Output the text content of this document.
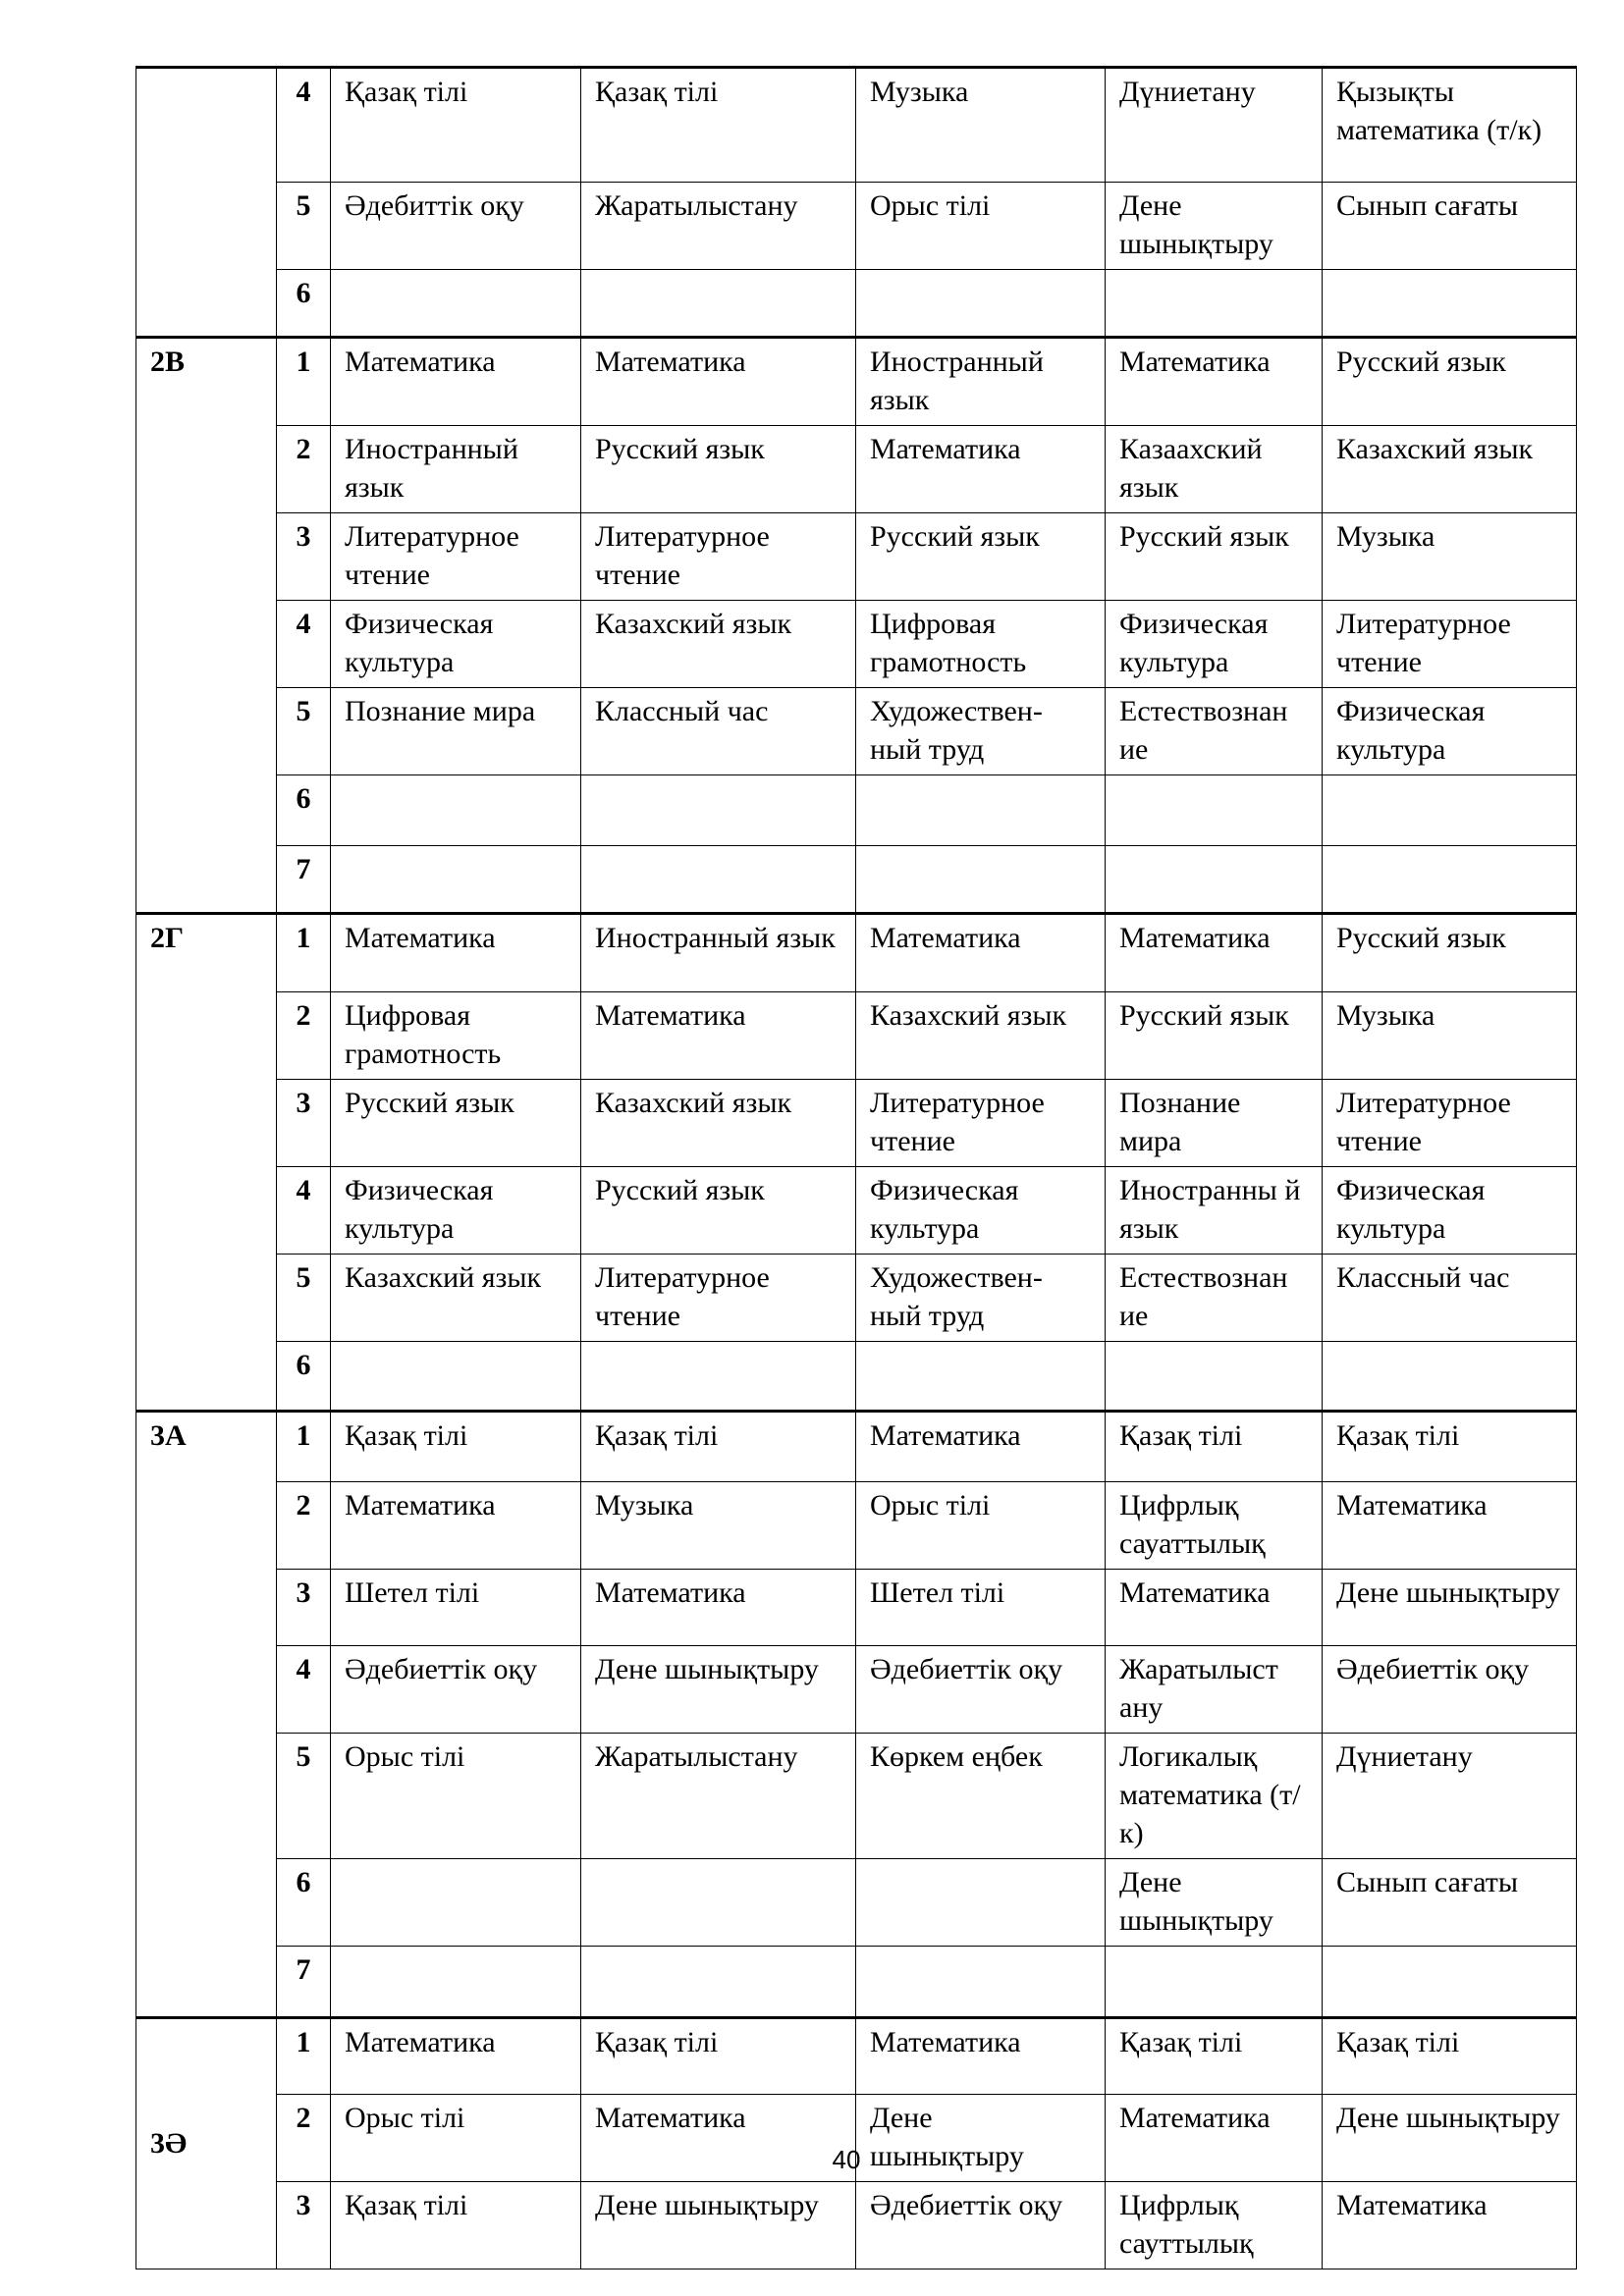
	4	Қазақ тілі	Қазақ тілі	Музыка	Дүниетану	Қызықты математика (т/к)
	5	Әдебиттік оқу	Жаратылыстану	Орыс тілі	Дене шынықтыру	Сынып сағаты
	6					
2В	1	Математика	Математика	Иностранный язык	Математика	Русский язык
	2	Иностранный язык	Русский язык	Математика	Казаахский язык	Казахский язык
	3	Литературное чтение	Литературное чтение	Русский язык	Русский язык	Музыка
	4	Физическая культура	Казахский язык	Цифровая грамотность	Физическая культура	Литературное чтение
	5	Познание мира	Классный час	Художествен-ный труд	Естествознан ие	Физическая культура
	6					
	7					
2Г	1	Математика	Иностранный язык	Математика	Математика	Русский язык
	2	Цифровая грамотность	Математика	Казахский язык	Русский язык	Музыка
	3	Русский язык	Казахский язык	Литературное чтение	Познание мира	Литературное чтение
	4	Физическая культура	Русский язык	Физическая культура	Иностранны й язык	Физическая культура
	5	Казахский язык	Литературное чтение	Художествен-ный труд	Естествознан ие	Классный час
	6					
3А	1	Қазақ тілі	Қазақ тілі	Математика	Қазақ тілі	Қазақ тілі
	2	Математика	Музыка	Орыс тілі	Цифрлық сауаттылық	Математика
	3	Шетел тілі	Математика	Шетел тілі	Математика	Дене шынықтыру
	4	Әдебиеттік оқу	Дене шынықтыру	Әдебиеттік оқу	Жаратылыст ану	Әдебиеттік оқу
	5	Орыс тілі	Жаратылыстану	Көркем еңбек	Логикалық математика (т/к)	Дүниетану
	6				Дене шынықтыру	Сынып сағаты
	7					
3Ә	1	Математика	Қазақ тілі	Математика	Қазақ тілі	Қазақ тілі
	2	Орыс тілі	Математика	Дене шынықтыру	Математика	Дене шынықтыру
	3	Қазақ тілі	Дене шынықтыру	Әдебиеттік оқу	Цифрлық сауттылық	Математика
40
